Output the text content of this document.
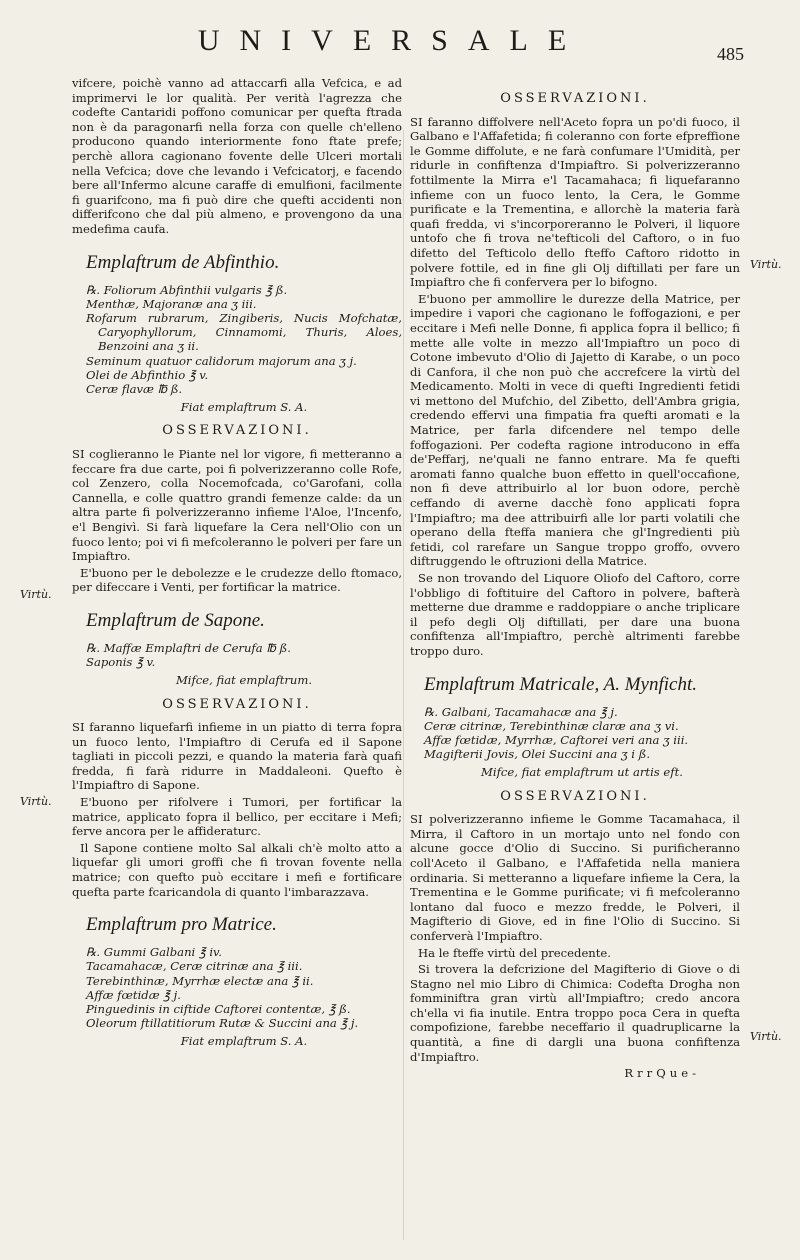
UNIVERSALE	485

vifcere, poichè vanno ad attaccarfi alla Vefcica, e ad imprimervi le lor qualità. Per verità l'agrezza che codefte Cantaridi poffono comunicar per quefta ftrada non è da paragonarfi nella forza con quelle ch'elleno producono quando interiormente fono ftate prefe; perchè allora cagionano fovente delle Ulceri mortali nella Vefcica; dove che levando i Vefcicatorj, e facendo bere all'Infermo alcune caraffe di emulfioni, facilmente fi guarifcono, ma fi può dire che quefti accidenti non differifcono che dal più almeno, e provengono da una medefima caufa.

Emplaftrum de Abfinthio.
℞. Foliorum Abfinthii vulgaris ℥ ß.
Menthæ, Majoranæ ana ʒ iii.
Rofarum rubrarum, Zingiberis, Nucis Mofchatæ, Caryophyllorum, Cinnamomi, Thuris, Aloes, Benzoini ana ʒ ii.
Seminum quatuor calidorum majorum ana ʒ j.
Olei de Abfinthio ℥ v.
Ceræ flavæ ℔ ß.
Fiat emplaftrum S. A.
OSSERVAZIONI.

SI coglieranno le Piante nel lor vigore, fi metteranno a feccare fra due carte, poi fi polverizzeranno colle Rofe, col Zenzero, colla Nocemofcada, co'Garofani, colla Cannella, e colle quattro grandi femenze calde: da un altra parte fi polverizzeranno infieme l'Aloe, l'Incenfo, e'l Bengivì. Si farà liquefare la Cera nell'Olio con un fuoco lento; poi vi fi mefcoleranno le polveri per fare un Impiaftro.

E'buono per le debolezze e le crudezze dello ftomaco, per difeccare i Venti, per fortificar la matrice.

Emplaftrum de Sapone.
℞. Maffæ Emplaftri de Cerufa ℔ ß.
Saponis ℥ v.
Mifce, fiat emplaftrum.
OSSERVAZIONI.

SI faranno liquefarfi infieme in un piatto di terra fopra un fuoco lento, l'Impiaftro di Cerufa ed il Sapone tagliati in piccoli pezzi, e quando la materia farà quafi fredda, fi farà ridurre in Maddaleoni. Quefto è l'Impiaftro di Sapone.

E'buono per rifolvere i Tumori, per fortificar la matrice, applicato fopra il bellico, per eccitare i Mefi; ferve ancora per le affideraturc.

Il Sapone contiene molto Sal alkali ch'è molto atto a liquefar gli umori groffi che fi trovan fovente nella matrice; con quefto può eccitare i mefi e fortificare quefta parte fcaricandola di quanto l'imbarazzava.

Emplaftrum pro Matrice.
℞. Gummi Galbani ℥ iv.
Tacamahacæ, Ceræ citrinæ ana ℥ iii.
Terebinthinæ, Myrrhæ electæ ana ℥ ii.
Affæ fœtidæ ℥ j.
Pinguedinis in ciftide Caftorei contentæ, ℥ ß.
Oleorum ftillatitiorum Rutæ & Succini ana ℥ j.
Fiat emplaftrum S. A.
Virtù.
Virtù.
OSSERVAZIONI.

SI faranno diffolvere nell'Aceto fopra un po'di fuoco, il Galbano e l'Affafetida; fi coleranno con forte efpreffione le Gomme diffolute, e ne farà confumare l'Umidità, per ridurle in confiftenza d'Impiaftro. Si polverizzeranno fottilmente la Mirra e'l Tacamahaca; fi liquefaranno infieme con un fuoco lento, la Cera, le Gomme purificate e la Trementina, e allorchè la materia farà quafi fredda, vi s'incorporeranno le Polveri, il liquore untofo che fi trova ne'tefticoli del Caftoro, o in fuo difetto del Tefticolo dello fteffo Caftoro ridotto in polvere fottile, ed in fine gli Olj diftillati per fare un Impiaftro che fi confervera per lo bifogno.

E'buono per ammollire le durezze della Matrice, per impedire i vapori che cagionano le foffogazioni, e per eccitare i Mefi nelle Donne, fi applica fopra il bellico; fi mette alle volte in mezzo all'Impiaftro un poco di Cotone imbevuto d'Olio di Jajetto di Karabe, o un poco di Canfora, il che non può che accrefcere la virtù del Medicamento. Molti in vece di quefti Ingredienti fetidi vi mettono del Mufchio, del Zibetto, dell'Ambra grigia, credendo effervi una fimpatia fra quefti aromati e la Matrice, per farla difcendere nel tempo delle foffogazioni. Per codefta ragione introducono in effa de'Peffarj, ne'quali ne fanno entrare. Ma fe quefti aromati fanno qualche buon effetto in quell'occafione, non fi deve attribuirlo al lor buon odore, perchè ceffando di averne dacchè fono applicati fopra l'Impiaftro; ma dee attribuirfi alle lor parti volatili che operano della fteffa maniera che gl'Ingredienti più fetidi, col rarefare un Sangue troppo groffo, ovvero diftruggendo le oftruzioni della Matrice.

Se non trovando del Liquore Oliofo del Caftoro, corre l'obbligo di foftituire del Caftoro in polvere, bafterà metterne due dramme e raddoppiare o anche triplicare il pefo degli Olj diftillati, per dare una buona confiftenza all'Impiaftro, perchè altrimenti farebbe troppo duro.

Emplaftrum Matricale, A. Mynficht.
℞. Galbani, Tacamahacæ ana ℥ j.
Ceræ citrinæ, Terebinthinæ claræ ana ʒ vi.
Affæ fœtidæ, Myrrhæ, Caftorei veri ana ʒ iii.
Magifterii Jovis, Olei Succini ana ʒ i ß.
Mifce, fiat emplaftrum ut artis eft.
OSSERVAZIONI.

SI polverizzeranno infieme le Gomme Tacamahaca, il Mirra, il Caftoro in un mortajo unto nel fondo con alcune gocce d'Olio di Succino. Si purificheranno coll'Aceto il Galbano, e l'Affafetida nella maniera ordinaria. Si metteranno a liquefare infieme la Cera, la Trementina e le Gomme purificate; vi fi mefcoleranno lontano dal fuoco e mezzo fredde, le Polveri, il Magifterio di Giove, ed in fine l'Olio di Succino. Si conferverà l'Impiaftro.

Ha le fteffe virtù del precedente.

Si trovera la defcrizione del Magifterio di Giove o di Stagno nel mio Libro di Chimica: Codefta Drogha non fomminiftra gran virtù all'Impiaftro; credo ancora ch'ella vi fia inutile. Entra troppo poca Cera in quefta compofizione, farebbe neceffario il quadruplicarne la quantità, a fine di dargli una buona confiftenza d'Impiaftro.

Rrr Que-
Virtù.
Virtù.
